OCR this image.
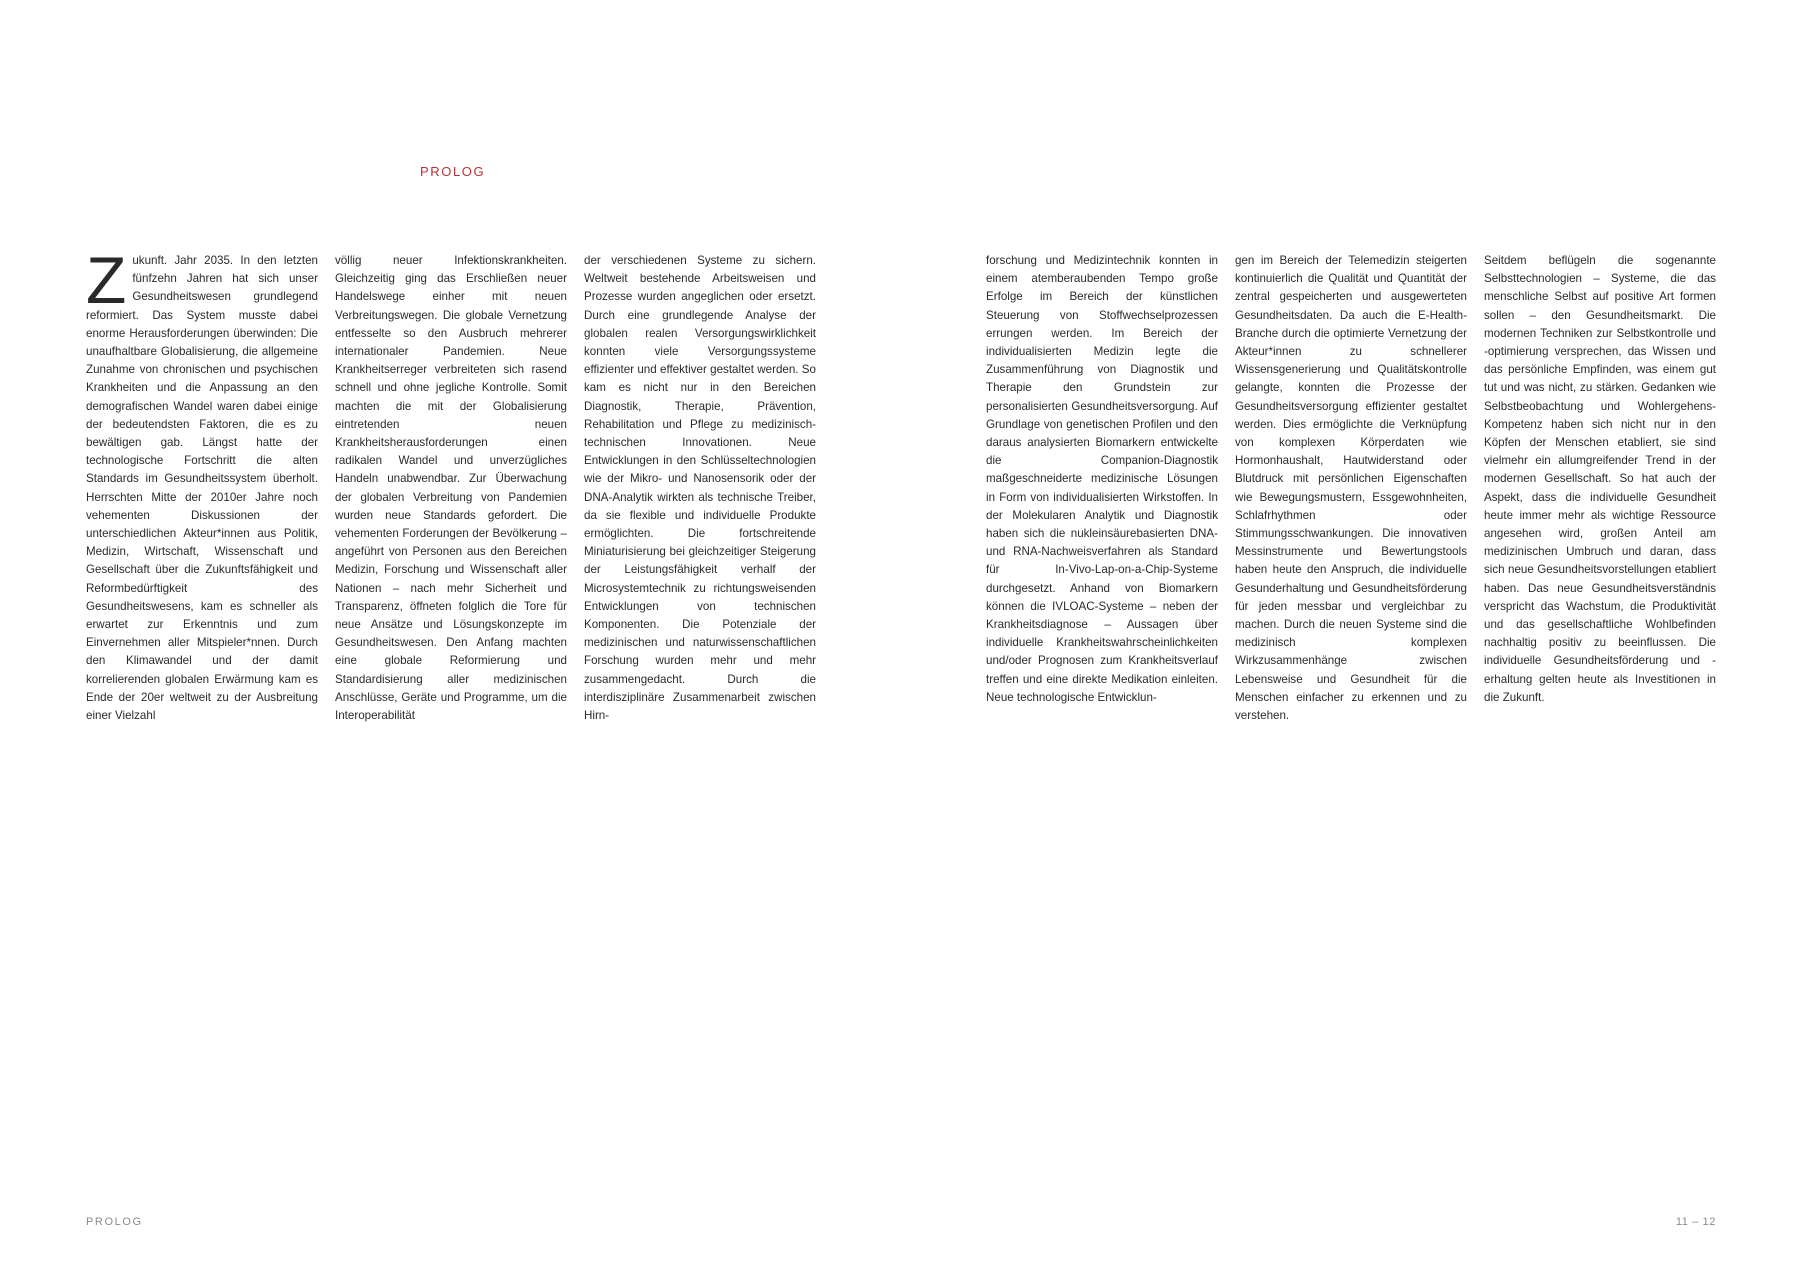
PROLOG
Z ukunft. Jahr 2035. In den letzten fünfzehn Jahren hat sich unser Gesundheitswesen grundlegend reformiert. Das System musste dabei enorme Herausforderungen überwinden: Die unaufhaltbare Globalisierung, die allgemeine Zunahme von chronischen und psychischen Krankheiten und die Anpassung an den demografischen Wandel waren dabei einige der bedeutendsten Faktoren, die es zu bewältigen gab. Längst hatte der technologische Fortschritt die alten Standards im Gesundheitssystem überholt. Herrschten Mitte der 2010er Jahre noch vehementen Diskussionen der unterschiedlichen Akteur*innen aus Politik, Medizin, Wirtschaft, Wissenschaft und Gesellschaft über die Zukunftsfähigkeit und Reformbedürftigkeit des Gesundheitswesens, kam es schneller als erwartet zur Erkenntnis und zum Einvernehmen aller Mitspieler*nnen. Durch den Klimawandel und der damit korrelierenden globalen Erwärmung kam es Ende der 20er weltweit zu der Ausbreitung einer Vielzahl
völlig neuer Infektionskrankheiten. Gleichzeitig ging das Erschließen neuer Handelswege einher mit neuen Verbreitungswegen. Die globale Vernetzung entfesselte so den Ausbruch mehrerer internationaler Pandemien. Neue Krankheitserreger verbreiteten sich rasend schnell und ohne jegliche Kontrolle. Somit machten die mit der Globalisierung eintretenden neuen Krankheitsherausforderungen einen radikalen Wandel und unverzügliches Handeln unabwendbar. Zur Überwachung der globalen Verbreitung von Pandemien wurden neue Standards gefordert. Die vehementen Forderungen der Bevölkerung – angeführt von Personen aus den Bereichen Medizin, Forschung und Wissenschaft aller Nationen – nach mehr Sicherheit und Transparenz, öffneten folglich die Tore für neue Ansätze und Lösungskonzepte im Gesundheitswesen. Den Anfang machten eine globale Reformierung und Standardisierung aller medizinischen Anschlüsse, Geräte und Programme, um die Interoperabilität
der verschiedenen Systeme zu sichern. Weltweit bestehende Arbeitsweisen und Prozesse wurden angeglichen oder ersetzt. Durch eine grundlegende Analyse der globalen realen Versorgungswirklichkeit konnten viele Versorgungssysteme effizienter und effektiver gestaltet werden. So kam es nicht nur in den Bereichen Diagnostik, Therapie, Prävention, Rehabilitation und Pflege zu medizinisch-technischen Innovationen. Neue Entwicklungen in den Schlüsseltechnologien wie der Mikro- und Nanosensorik oder der DNA-Analytik wirkten als technische Treiber, da sie flexible und individuelle Produkte ermöglichten. Die fortschreitende Miniaturisierung bei gleichzeitiger Steigerung der Leistungsfähigkeit verhalf der Microsystemtechnik zu richtungsweisenden Entwicklungen von technischen Komponenten. Die Potenziale der medizinischen und naturwissenschaftlichen Forschung wurden mehr und mehr zusammengedacht. Durch die interdisziplinäre Zusammenarbeit zwischen Hirn-
forschung und Medizintechnik konnten in einem atemberaubenden Tempo große Erfolge im Bereich der künstlichen Steuerung von Stoffwechselprozessen errungen werden. Im Bereich der individualisierten Medizin legte die Zusammenführung von Diagnostik und Therapie den Grundstein zur personalisierten Gesundheitsversorgung. Auf Grundlage von genetischen Profilen und den daraus analysierten Biomarkern entwickelte die Companion-Diagnostik maßgeschneiderte medizinische Lösungen in Form von individualisierten Wirkstoffen. In der Molekularen Analytik und Diagnostik haben sich die nukleinsäurebasierten DNA- und RNA-Nachweisverfahren als Standard für In-Vivo-Lap-on-a-Chip-Systeme durchgesetzt. Anhand von Biomarkern können die IVLOAC-Systeme – neben der Krankheitsdiagnose – Aussagen über individuelle Krankheitswahrscheinlichkeiten und/oder Prognosen zum Krankheitsverlauf treffen und eine direkte Medikation einleiten. Neue technologische Entwicklun-
gen im Bereich der Telemedizin steigerten kontinuierlich die Qualität und Quantität der zentral gespeicherten und ausgewerteten Gesundheitsdaten. Da auch die E-Health-Branche durch die optimierte Vernetzung der Akteur*innen zu schnellerer Wissensgenerierung und Qualitätskontrolle gelangte, konnten die Prozesse der Gesundheitsversorgung effizienter gestaltet werden. Dies ermöglichte die Verknüpfung von komplexen Körperdaten wie Hormonhaushalt, Hautwiderstand oder Blutdruck mit persönlichen Eigenschaften wie Bewegungsmustern, Essgewohnheiten, Schlafrhythmen oder Stimmungsschwankungen. Die innovativen Messinstrumente und Bewertungstools haben heute den Anspruch, die individuelle Gesunderhaltung und Gesundheitsförderung für jeden messbar und vergleichbar zu machen. Durch die neuen Systeme sind die medizinisch komplexen Wirkzusammenhänge zwischen Lebensweise und Gesundheit für die Menschen einfacher zu erkennen und zu verstehen.
Seitdem beflügeln die sogenannte Selbsttechnologien – Systeme, die das menschliche Selbst auf positive Art formen sollen – den Gesundheitsmarkt. Die modernen Techniken zur Selbstkontrolle und -optimierung versprechen, das Wissen und das persönliche Empfinden, was einem gut tut und was nicht, zu stärken. Gedanken wie Selbstbeobachtung und Wohlergehens-Kompetenz haben sich nicht nur in den Köpfen der Menschen etabliert, sie sind vielmehr ein allumgreifender Trend in der modernen Gesellschaft. So hat auch der Aspekt, dass die individuelle Gesundheit heute immer mehr als wichtige Ressource angesehen wird, großen Anteil am medizinischen Umbruch und daran, dass sich neue Gesundheitsvorstellungen etabliert haben. Das neue Gesundheitsverständnis verspricht das Wachstum, die Produktivität und das gesellschaftliche Wohlbefinden nachhaltig positiv zu beeinflussen. Die individuelle Gesundheitsförderung und -erhaltung gelten heute als Investitionen in die Zukunft.
PROLOG	11 – 12
